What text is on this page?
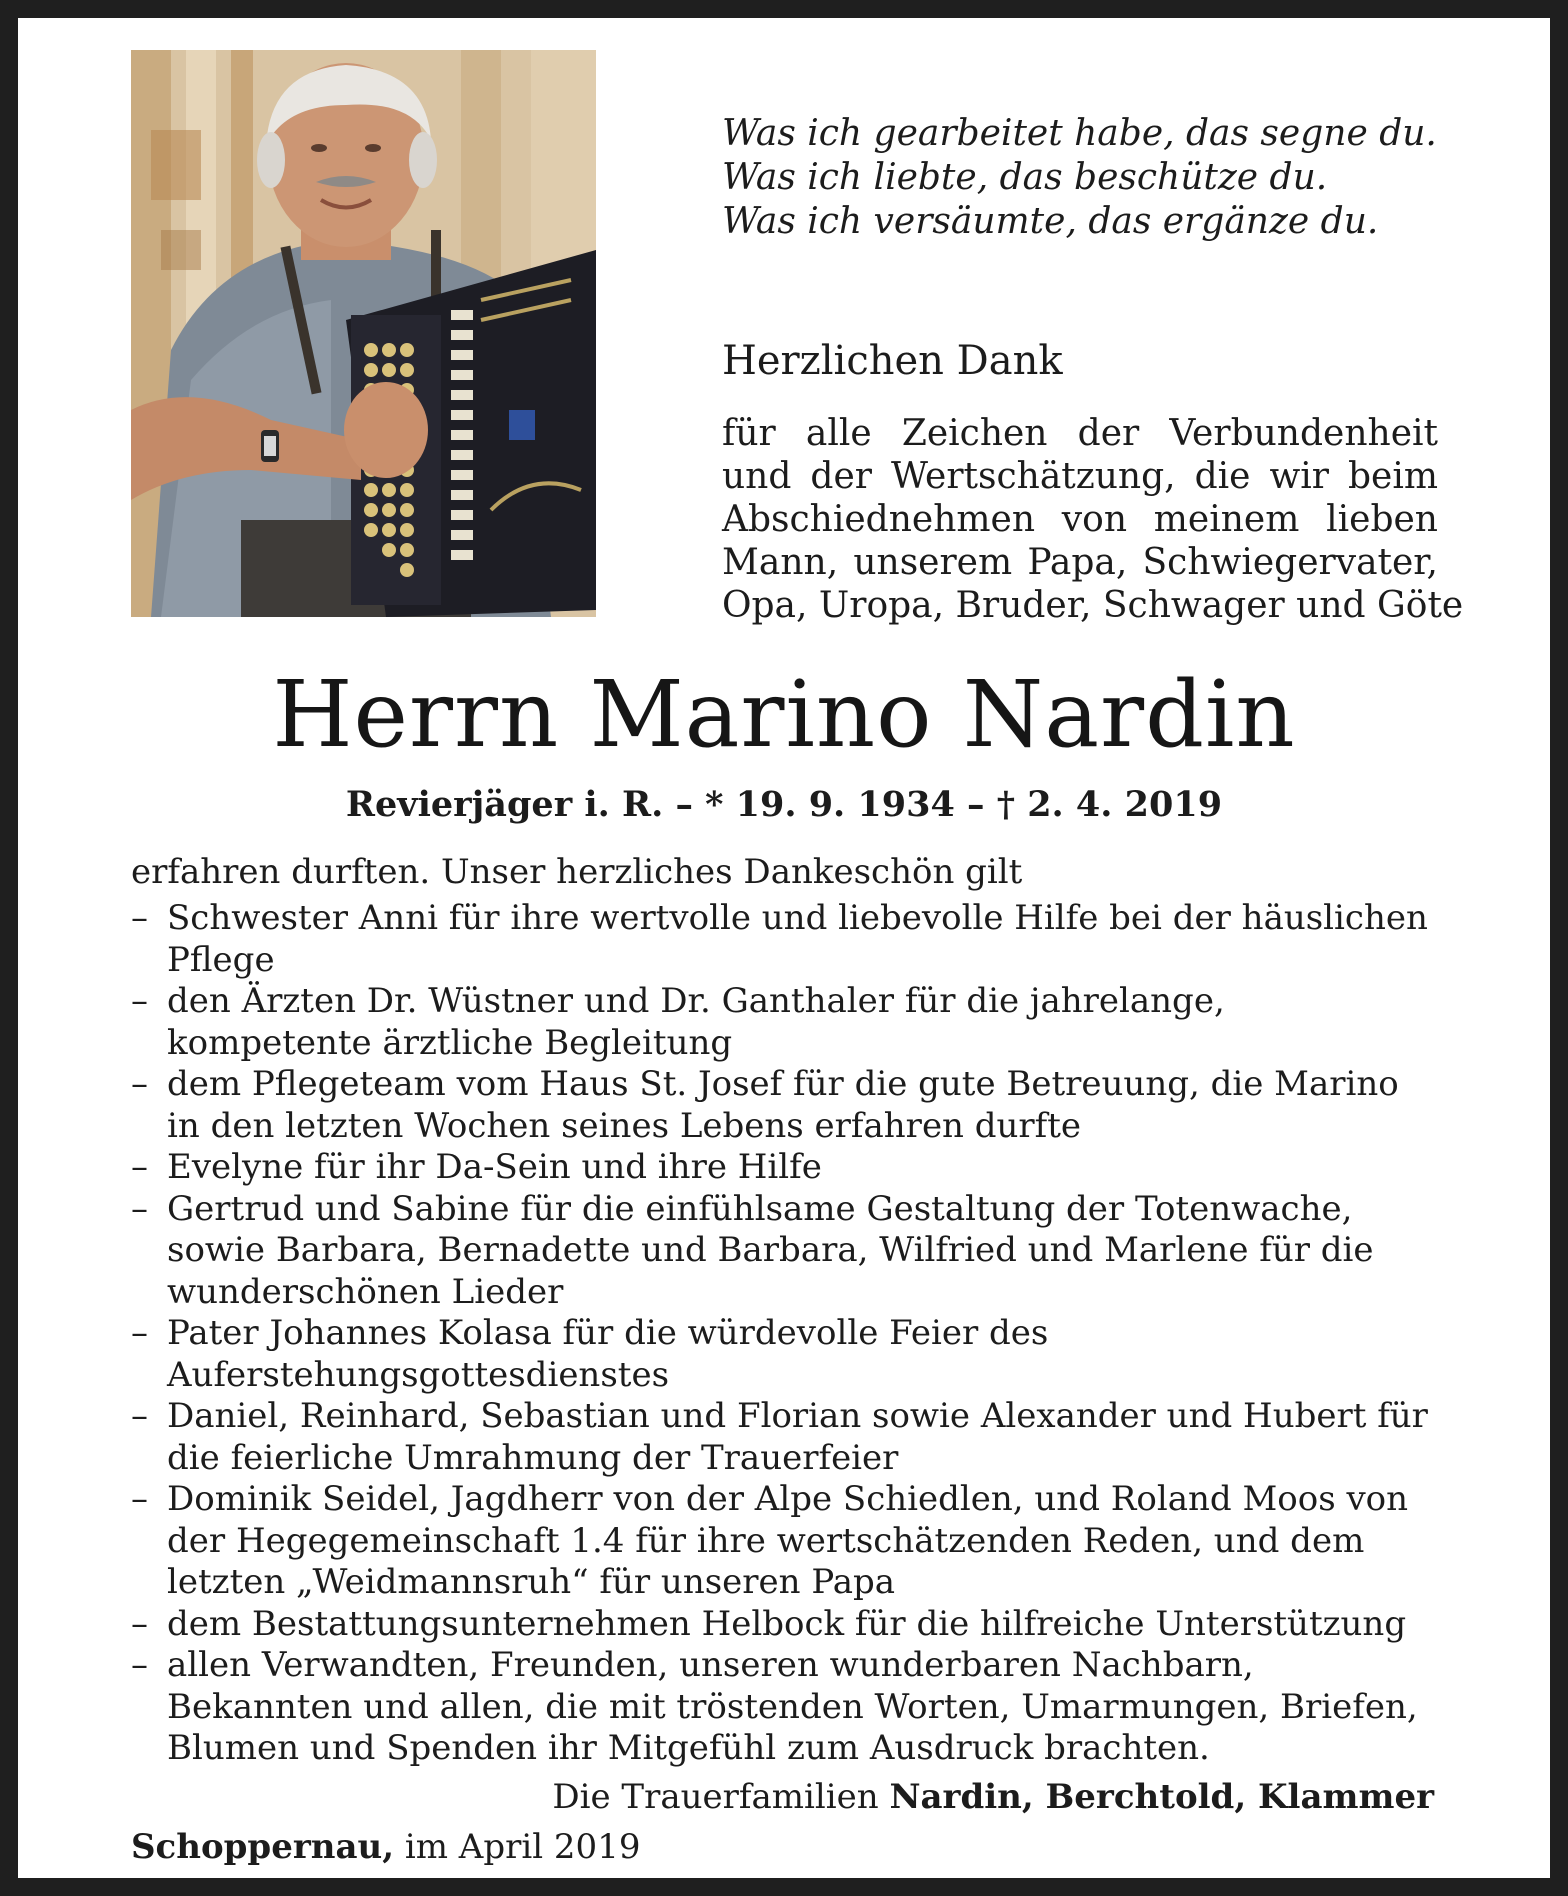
Was ich gearbeitet habe, das segne du.
Was ich liebte, das beschütze du.
Was ich versäumte, das ergänze du.
Herzlichen Dank
für alle Zeichen der Verbundenheit
und der Wertschätzung, die wir beim
Abschiednehmen von meinem lieben
Mann, unserem Papa, Schwiegervater,
Opa, Uropa, Bruder, Schwager und Göte
Herrn Marino Nardin
Revierjäger i. R. – * 19. 9. 1934 – † 2. 4. 2019
erfahren durften. Unser herzliches Dankeschön gilt
– Schwester Anni für ihre wertvolle und liebevolle Hilfe bei der häuslichen Pflege
– den Ärzten Dr. Wüstner und Dr. Ganthaler für die jahrelange, kompetente ärztliche Begleitung
– dem Pflegeteam vom Haus St. Josef für die gute Betreuung, die Marino in den letzten Wochen seines Lebens erfahren durfte
– Evelyne für ihr Da-Sein und ihre Hilfe
– Gertrud und Sabine für die einfühlsame Gestaltung der Totenwache, sowie Barbara, Bernadette und Barbara, Wilfried und Marlene für die wunderschönen Lieder
– Pater Johannes Kolasa für die würdevolle Feier des Auferstehungsgottesdienstes
– Daniel, Reinhard, Sebastian und Florian sowie Alexander und Hubert für die feierliche Umrahmung der Trauerfeier
– Dominik Seidel, Jagdherr von der Alpe Schiedlen, und Roland Moos von der Hegegemeinschaft 1.4 für ihre wertschätzenden Reden, und dem letzten „Weidmannsruh“ für unseren Papa
– dem Bestattungsunternehmen Helbock für die hilfreiche Unterstützung
– allen Verwandten, Freunden, unseren wunderbaren Nachbarn, Bekannten und allen, die mit tröstenden Worten, Umarmungen, Briefen, Blumen und Spenden ihr Mitgefühl zum Ausdruck brachten.
Die Trauerfamilien Nardin, Berchtold, Klammer
Schoppernau, im April 2019
